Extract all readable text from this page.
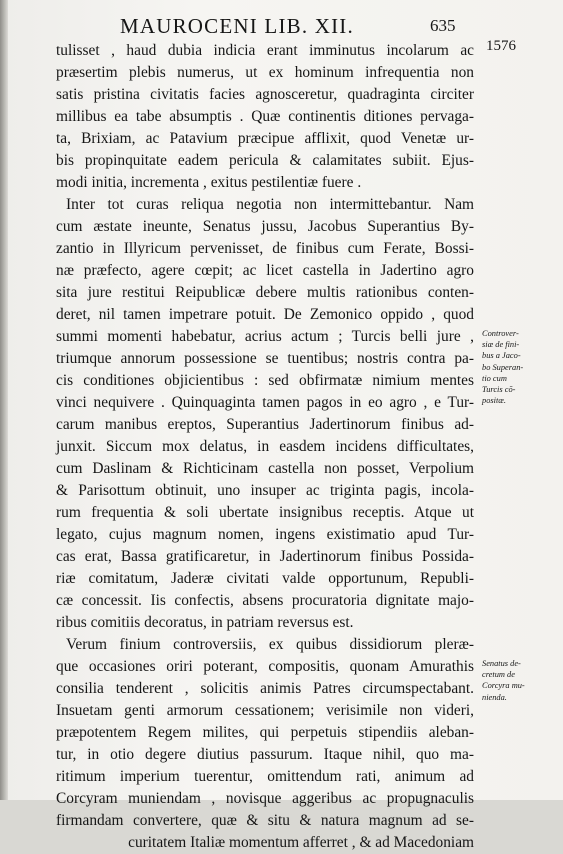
MAUROCENI LIB. XII.	635
1576
tulisset , haud dubia indicia erant imminutus incolarum ac
præsertim plebis numerus, ut ex hominum infrequentia non
satis pristina civitatis facies agnosceretur, quadraginta circiter
millibus ea tabe absumptis . Quæ continentis ditiones pervaga-
ta, Brixiam, ac Patavium præcipue afflixit, quod Venetæ ur-
bis propinquitate eadem pericula & calamitates subiit. Ejus-
modi initia, incrementa , exitus pestilentiæ fuere .
Inter tot curas reliqua negotia non intermittebantur. Nam
cum æstate ineunte, Senatus jussu, Jacobus Superantius By-
zantio in Illyricum pervenisset, de finibus cum Ferate, Bossi-
næ præfecto, agere cœpit; ac licet castella in Jadertino agro
sita jure restitui Reipublicæ debere multis rationibus conten-
deret, nil tamen impetrare potuit. De Zemonico oppido , quod
summi momenti habebatur, acrius actum ; Turcis belli jure ,
triumque annorum possessione se tuentibus; nostris contra pa-
cis conditiones objicientibus : sed obfirmatæ nimium mentes
vinci nequivere . Quinquaginta tamen pagos in eo agro , e Tur-
carum manibus ereptos, Superantius Jadertinorum finibus ad-
junxit. Siccum mox delatus, in easdem incidens difficultates,
cum Daslinam & Richticinam castella non posset, Verpolium
& Parisottum obtinuit, uno insuper ac triginta pagis, incola-
rum frequentia & soli ubertate insignibus receptis. Atque ut
legato, cujus magnum nomen, ingens existimatio apud Tur-
cas erat, Bassa gratificaretur, in Jadertinorum finibus Possida-
riæ comitatum, Jaderæ civitati valde opportunum, Republi-
cæ concessit. Iis confectis, absens procuratoria dignitate majo-
ribus comitiis decoratus, in patriam reversus est.
Verum finium controversiis, ex quibus dissidiorum pleræ-
que occasiones oriri poterant, compositis, quonam Amurathis
consilia tenderent , solicitis animis Patres circumspectabant.
Insuetam genti armorum cessationem; verisimile non videri,
præpotentem Regem milites, qui perpetuis stipendiis aleban-
tur, in otio degere diutius passurum. Itaque nihil, quo ma-
ritimum imperium tuerentur, omittendum rati, animum ad
Corcyram muniendam , novisque aggeribus ac propugnaculis
firmandam convertere, quæ & situ & natura magnum ad se-
curitatem Italiæ momentum afferret , & ad Macedoniam
Controver-
siæ de fini-
bus a Jaco-
bo Superan-
tio cum
Turcis cō-
positæ.
Senatus de-
cretum de
Corcyra mu-
nienda.
